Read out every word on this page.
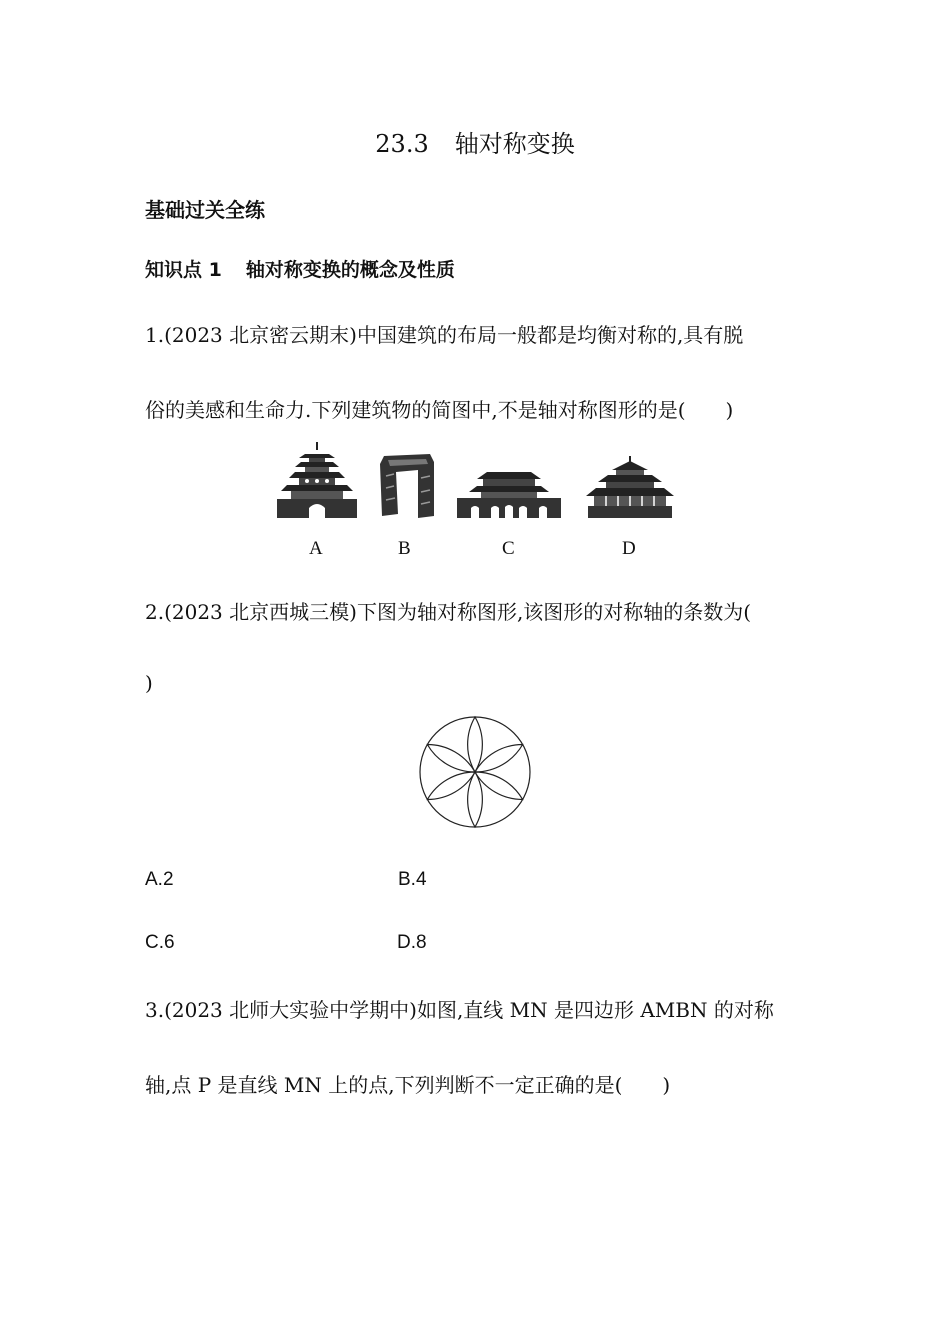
23.3 轴对称变换
基础过关全练
知识点 1 轴对称变换的概念及性质
1.(2023 北京密云期末)中国建筑的布局一般都是均衡对称的,具有脱
俗的美感和生命力.下列建筑物的简图中,不是轴对称图形的是(　　)
A	B	C	D
2.(2023 北京西城三模)下图为轴对称图形,该图形的对称轴的条数为(
)
A.2	B.4
C.6	D.8
3.(2023 北师大实验中学期中)如图,直线 MN 是四边形 AMBN 的对称
轴,点 P 是直线 MN 上的点,下列判断不一定正确的是(　　)
